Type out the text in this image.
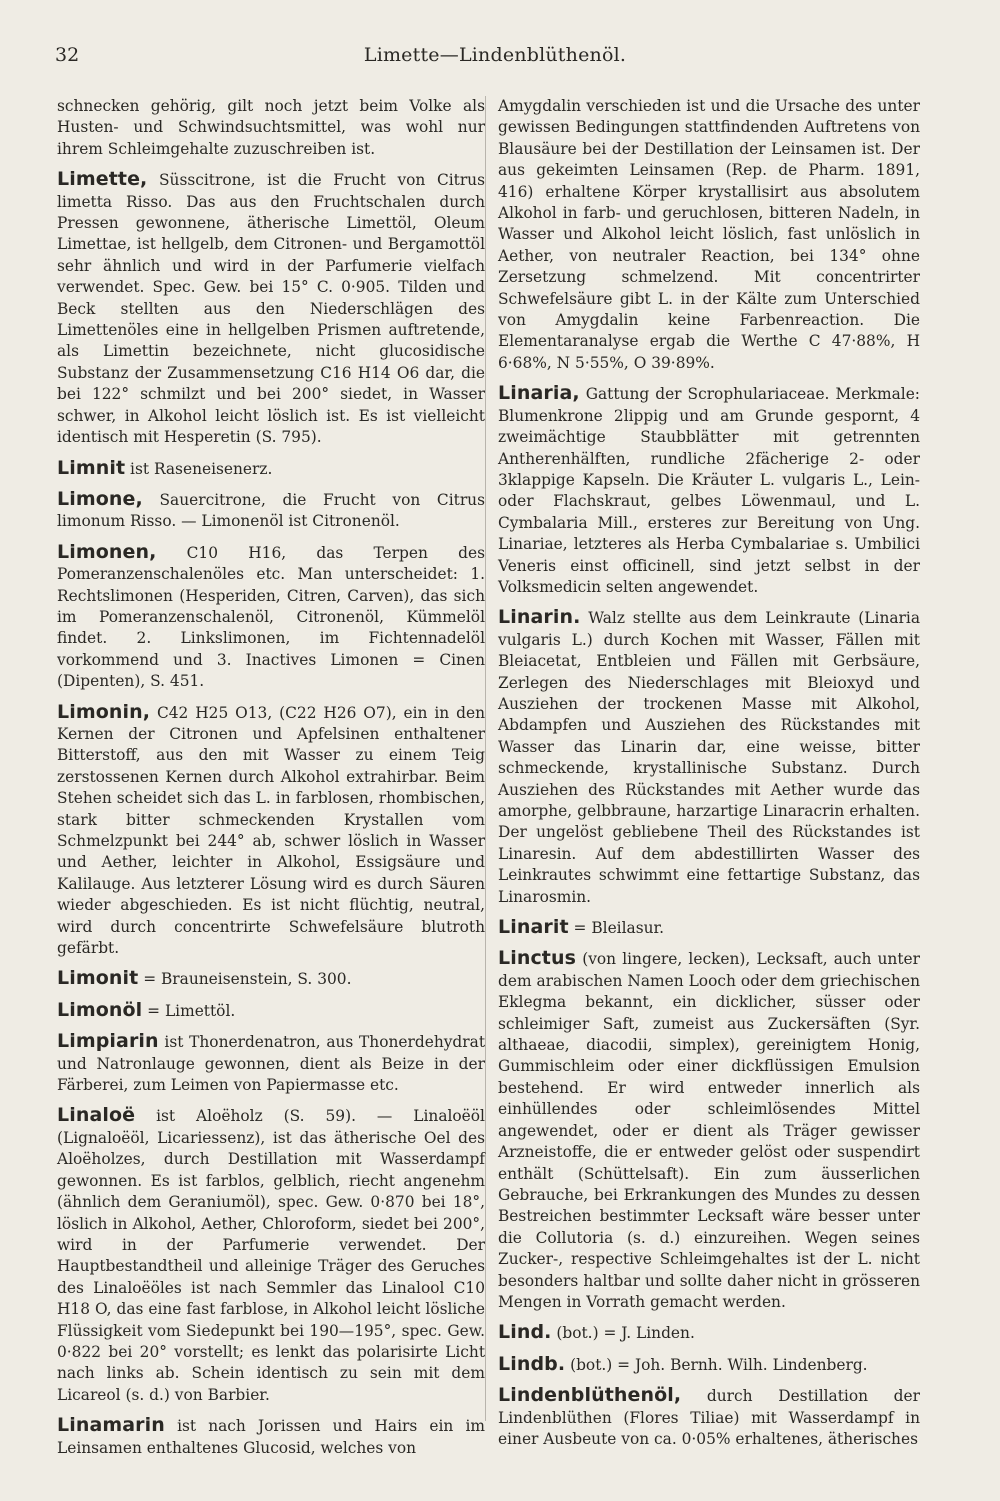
32	Limette—Lindenblüthenöl.

schnecken gehörig, gilt noch jetzt beim Volke als Husten- und Schwindsuchtsmittel, was wohl nur ihrem Schleimgehalte zuzuschreiben ist.

Limette, Süsscitrone, ist die Frucht von Citrus limetta Risso. Das aus den Fruchtschalen durch Pressen gewonnene, ätherische Limettöl, Oleum Limettae, ist hellgelb, dem Citronen- und Bergamottöl sehr ähnlich und wird in der Parfumerie vielfach verwendet. Spec. Gew. bei 15° C. 0·905. Tilden und Beck stellten aus den Niederschlägen des Limettenöles eine in hellgelben Prismen auftretende, als Limettin bezeichnete, nicht glucosidische Substanz der Zusammensetzung C16 H14 O6 dar, die bei 122° schmilzt und bei 200° siedet, in Wasser schwer, in Alkohol leicht löslich ist. Es ist vielleicht identisch mit Hesperetin (S. 795).

Limnit ist Raseneisenerz.

Limone, Sauercitrone, die Frucht von Citrus limonum Risso. — Limonenöl ist Citronenöl.

Limonen, C10 H16, das Terpen des Pomeranzenschalenöles etc. Man unterscheidet: 1. Rechtslimonen (Hesperiden, Citren, Carven), das sich im Pomeranzenschalenöl, Citronenöl, Kümmelöl findet. 2. Linkslimonen, im Fichtennadelöl vorkommend und 3. Inactives Limonen = Cinen (Dipenten), S. 451.

Limonin, C42 H25 O13, (C22 H26 O7), ein in den Kernen der Citronen und Apfelsinen enthaltener Bitterstoff, aus den mit Wasser zu einem Teig zerstossenen Kernen durch Alkohol extrahirbar. Beim Stehen scheidet sich das L. in farblosen, rhombischen, stark bitter schmeckenden Krystallen vom Schmelzpunkt bei 244° ab, schwer löslich in Wasser und Aether, leichter in Alkohol, Essigsäure und Kalilauge. Aus letzterer Lösung wird es durch Säuren wieder abgeschieden. Es ist nicht flüchtig, neutral, wird durch concentrirte Schwefelsäure blutroth gefärbt.

Limonit = Brauneisenstein, S. 300.

Limonöl = Limettöl.

Limpiarin ist Thonerdenatron, aus Thonerdehydrat und Natronlauge gewonnen, dient als Beize in der Färberei, zum Leimen von Papiermasse etc.

Linaloë ist Aloëholz (S. 59). — Linaloëöl (Lignaloëöl, Licariessenz), ist das ätherische Oel des Aloëholzes, durch Destillation mit Wasserdampf gewonnen. Es ist farblos, gelblich, riecht angenehm (ähnlich dem Geraniumöl), spec. Gew. 0·870 bei 18°, löslich in Alkohol, Aether, Chloroform, siedet bei 200°, wird in der Parfumerie verwendet. Der Hauptbestandtheil und alleinige Träger des Geruches des Linaloëöles ist nach Semmler das Linalool C10 H18 O, das eine fast farblose, in Alkohol leicht lösliche Flüssigkeit vom Siedepunkt bei 190—195°, spec. Gew. 0·822 bei 20° vorstellt; es lenkt das polarisirte Licht nach links ab. Schein identisch zu sein mit dem Licareol (s. d.) von Barbier.

Linamarin ist nach Jorissen und Hairs ein im Leinsamen enthaltenes Glucosid, welches von

Amygdalin verschieden ist und die Ursache des unter gewissen Bedingungen stattfindenden Auftretens von Blausäure bei der Destillation der Leinsamen ist. Der aus gekeimten Leinsamen (Rep. de Pharm. 1891, 416) erhaltene Körper krystallisirt aus absolutem Alkohol in farb- und geruchlosen, bitteren Nadeln, in Wasser und Alkohol leicht löslich, fast unlöslich in Aether, von neutraler Reaction, bei 134° ohne Zersetzung schmelzend. Mit concentrirter Schwefelsäure gibt L. in der Kälte zum Unterschied von Amygdalin keine Farbenreaction. Die Elementaranalyse ergab die Werthe C 47·88%, H 6·68%, N 5·55%, O 39·89%.

Linaria, Gattung der Scrophulariaceae. Merkmale: Blumenkrone 2lippig und am Grunde gespornt, 4 zweimächtige Staubblätter mit getrennten Antherenhälften, rundliche 2fächerige 2- oder 3klappige Kapseln. Die Kräuter L. vulgaris L., Lein- oder Flachskraut, gelbes Löwenmaul, und L. Cymbalaria Mill., ersteres zur Bereitung von Ung. Linariae, letzteres als Herba Cymbalariae s. Umbilici Veneris einst officinell, sind jetzt selbst in der Volksmedicin selten angewendet.

Linarin. Walz stellte aus dem Leinkraute (Linaria vulgaris L.) durch Kochen mit Wasser, Fällen mit Bleiacetat, Entbleien und Fällen mit Gerbsäure, Zerlegen des Niederschlages mit Bleioxyd und Ausziehen der trockenen Masse mit Alkohol, Abdampfen und Ausziehen des Rückstandes mit Wasser das Linarin dar, eine weisse, bitter schmeckende, krystallinische Substanz. Durch Ausziehen des Rückstandes mit Aether wurde das amorphe, gelbbraune, harzartige Linaracrin erhalten. Der ungelöst gebliebene Theil des Rückstandes ist Linaresin. Auf dem abdestillirten Wasser des Leinkrautes schwimmt eine fettartige Substanz, das Linarosmin.

Linarit = Bleilasur.

Linctus (von lingere, lecken), Lecksaft, auch unter dem arabischen Namen Looch oder dem griechischen Eklegma bekannt, ein dicklicher, süsser oder schleimiger Saft, zumeist aus Zuckersäften (Syr. althaeae, diacodii, simplex), gereinigtem Honig, Gummischleim oder einer dickflüssigen Emulsion bestehend. Er wird entweder innerlich als einhüllendes oder schleimlösendes Mittel angewendet, oder er dient als Träger gewisser Arzneistoffe, die er entweder gelöst oder suspendirt enthält (Schüttelsaft). Ein zum äusserlichen Gebrauche, bei Erkrankungen des Mundes zu dessen Bestreichen bestimmter Lecksaft wäre besser unter die Collutoria (s. d.) einzureihen. Wegen seines Zucker-, respective Schleimgehaltes ist der L. nicht besonders haltbar und sollte daher nicht in grösseren Mengen in Vorrath gemacht werden.

Lind. (bot.) = J. Linden.

Lindb. (bot.) = Joh. Bernh. Wilh. Lindenberg.

Lindenblüthenöl, durch Destillation der Lindenblüthen (Flores Tiliae) mit Wasserdampf in einer Ausbeute von ca. 0·05% erhaltenes, ätherisches
